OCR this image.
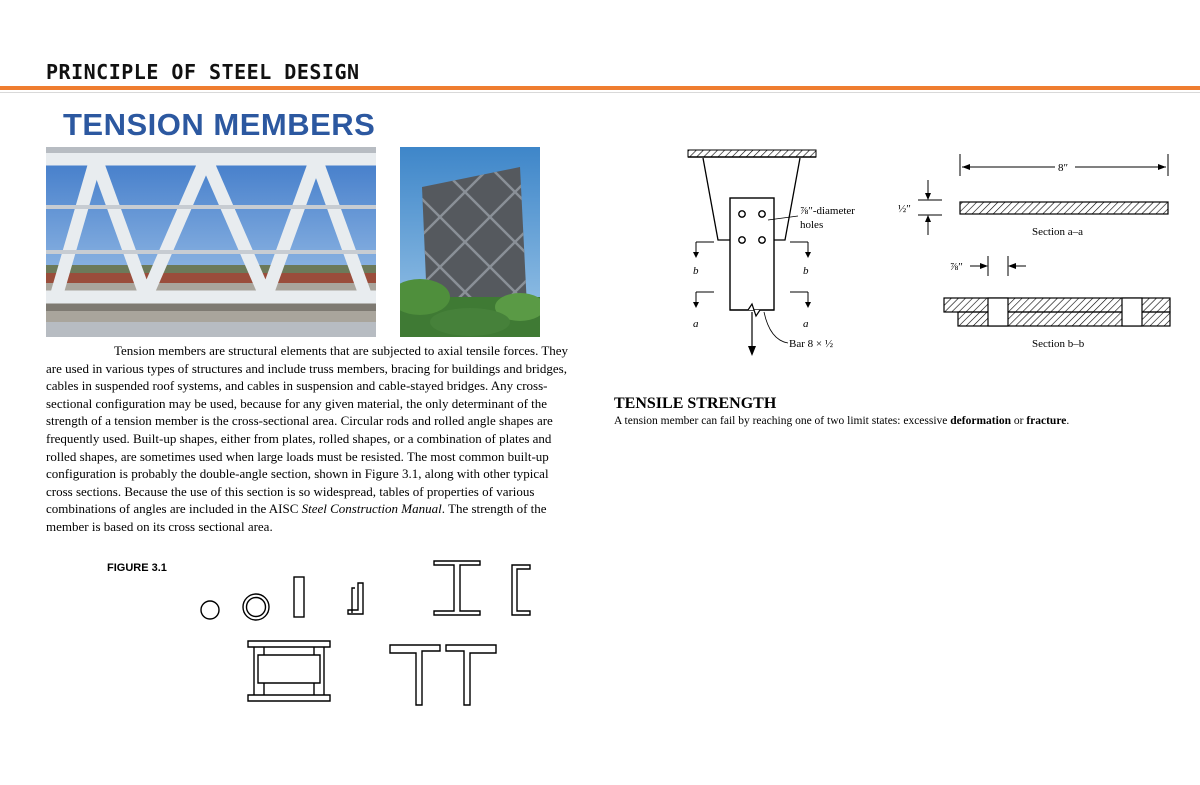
PRINCIPLE OF STEEL DESIGN
TENSION MEMBERS
Tension members are structural elements that are subjected to axial tensile forces. They are used in various types of structures and include truss members, bracing for buildings and bridges, cables in suspended roof systems, and cables in suspension and cable-stayed bridges. Any cross-sectional configuration may be used, because for any given material, the only determinant of the strength of a tension member is the cross-sectional area. Circular rods and rolled angle shapes are frequently used. Built-up shapes, either from plates, rolled shapes, or a combination of plates and rolled shapes, are sometimes used when large loads must be resisted. The most common built-up configuration is probably the double-angle section, shown in Figure 3.1, along with other typical cross sections. Because the use of this section is so widespread, tables of properties of various combinations of angles are included in the AISC Steel Construction Manual. The strength of the member is based on its cross sectional area.
FIGURE 3.1
⅞″-diameter
holes
Bar 8 × ½
b	b
a	a
8″
½″
Section a–a
⅞″
Section b–b
TENSILE STRENGTH
A tension member can fail by reaching one of two limit states: excessive deformation or fracture.
